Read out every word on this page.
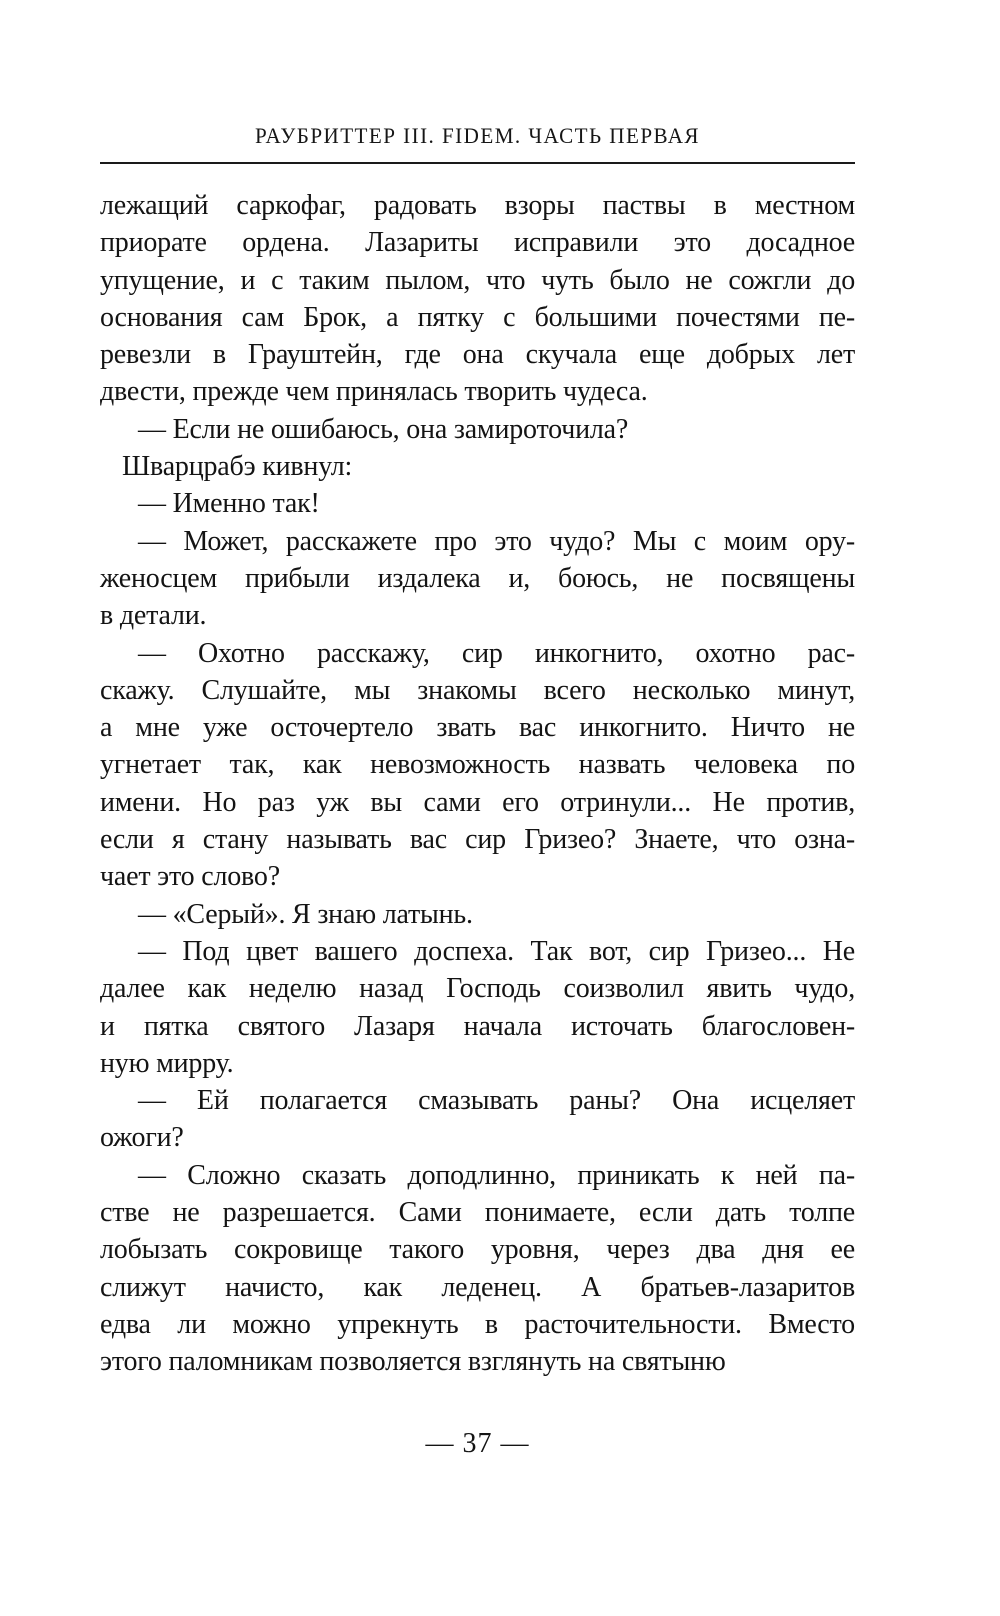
РАУБРИТТЕР III. FIDEM. ЧАСТЬ ПЕРВАЯ
лежащий саркофаг, радовать взоры паствы в местном
приорате ордена. Лазариты исправили это досадное
упущение, и с таким пылом, что чуть было не сожгли до
основания сам Брок, а пятку с большими почестями пе-
ревезли в Грауштейн, где она скучала еще добрых лет
двести, прежде чем принялась творить чудеса.
— Если не ошибаюсь, она замироточила?
Шварцрабэ кивнул:
— Именно так!
— Может, расскажете про это чудо? Мы с моим ору-
женосцем прибыли издалека и, боюсь, не посвящены
в детали.
— Охотно расскажу, сир инкогнито, охотно рас-
скажу. Слушайте, мы знакомы всего несколько минут,
а мне уже осточертело звать вас инкогнито. Ничто не
угнетает так, как невозможность назвать человека по
имени. Но раз уж вы сами его отринули... Не против,
если я стану называть вас сир Гризео? Знаете, что озна-
чает это слово?
— «Серый». Я знаю латынь.
— Под цвет вашего доспеха. Так вот, сир Гризео... Не
далее как неделю назад Господь соизволил явить чудо,
и пятка святого Лазаря начала источать благословен-
ную мирру.
— Ей полагается смазывать раны? Она исцеляет
ожоги?
— Сложно сказать доподлинно, приникать к ней па-
стве не разрешается. Сами понимаете, если дать толпе
лобызать сокровище такого уровня, через два дня ее
слижут начисто, как леденец. А братьев-лазаритов
едва ли можно упрекнуть в расточительности. Вместо
этого паломникам позволяется взглянуть на святыню
— 37 —
